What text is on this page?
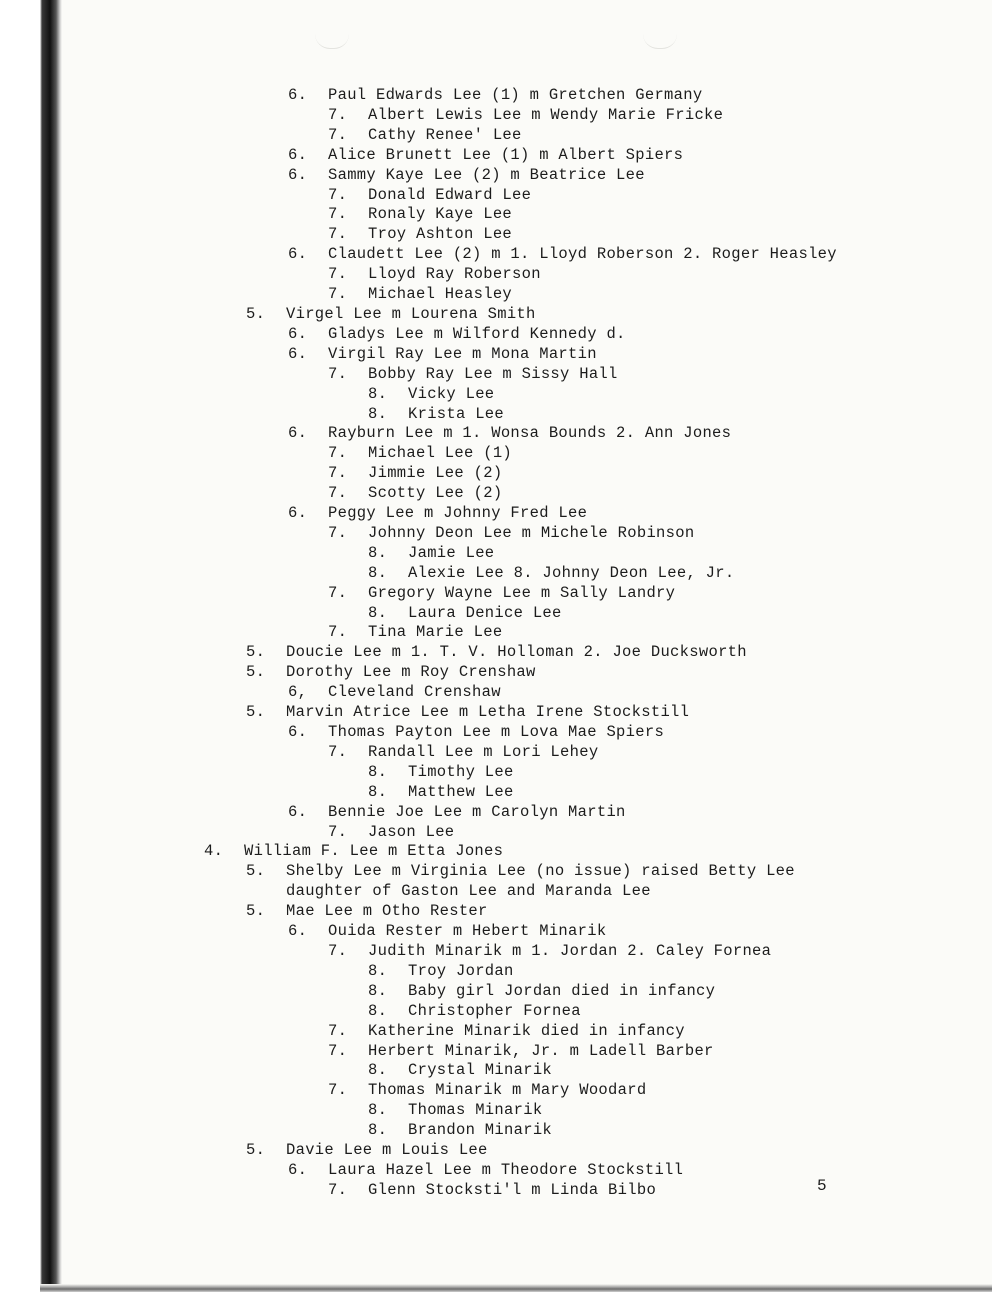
6. Paul Edwards Lee (1) m Gretchen Germany
7. Albert Lewis Lee m Wendy Marie Fricke
7. Cathy Renee' Lee
6. Alice Brunett Lee (1) m Albert Spiers
6. Sammy Kaye Lee (2) m Beatrice Lee
7. Donald Edward Lee
7. Ronaly Kaye Lee
7. Troy Ashton Lee
6. Claudett Lee (2) m 1. Lloyd Roberson 2. Roger Heasley
7. Lloyd Ray Roberson
7. Michael Heasley
5. Virgel Lee m Lourena Smith
6. Gladys Lee m Wilford Kennedy d.
6. Virgil Ray Lee m Mona Martin
7. Bobby Ray Lee m Sissy Hall
8. Vicky Lee
8. Krista Lee
6. Rayburn Lee m 1. Wonsa Bounds 2. Ann Jones
7. Michael Lee (1)
7. Jimmie Lee (2)
7. Scotty Lee (2)
6. Peggy Lee m Johnny Fred Lee
7. Johnny Deon Lee m Michele Robinson
8. Jamie Lee
8. Alexie Lee 8. Johnny Deon Lee, Jr.
7. Gregory Wayne Lee m Sally Landry
8. Laura Denice Lee
7. Tina Marie Lee
5. Doucie Lee m 1. T. V. Holloman 2. Joe Ducksworth
5. Dorothy Lee m Roy Crenshaw
6, Cleveland Crenshaw
5. Marvin Atrice Lee m Letha Irene Stockstill
6. Thomas Payton Lee m Lova Mae Spiers
7. Randall Lee m Lori Lehey
8. Timothy Lee
8. Matthew Lee
6. Bennie Joe Lee m Carolyn Martin
7. Jason Lee
4. William F. Lee m Etta Jones
5. Shelby Lee m Virginia Lee (no issue) raised Betty Lee
daughter of Gaston Lee and Maranda Lee
5. Mae Lee m Otho Rester
6. Ouida Rester m Hebert Minarik
7. Judith Minarik m 1. Jordan 2. Caley Fornea
8. Troy Jordan
8. Baby girl Jordan died in infancy
8. Christopher Fornea
7. Katherine Minarik died in infancy
7. Herbert Minarik, Jr. m Ladell Barber
8. Crystal Minarik
7. Thomas Minarik m Mary Woodard
8. Thomas Minarik
8. Brandon Minarik
5. Davie Lee m Louis Lee
6. Laura Hazel Lee m Theodore Stockstill
7. Glenn Stocksti'l m Linda Bilbo	5
